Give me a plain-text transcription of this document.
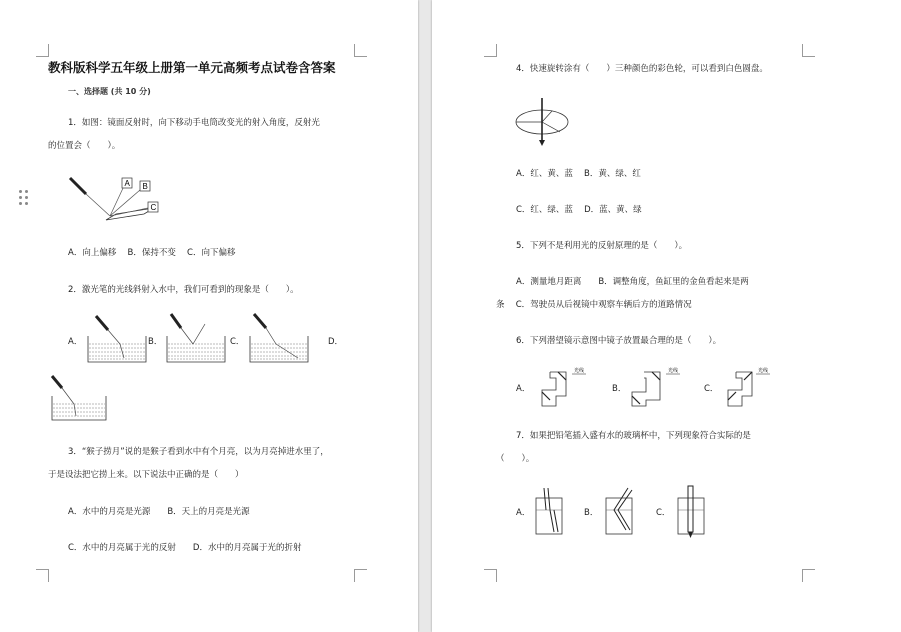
教科版科学五年级上册第一单元高频考点试卷含答案
一、选择题 (共 10 分)
1．如图：镜面反射时，向下移动手电筒改变光的射入角度，反射光
的位置会（　　）。
A B
C
A．向上偏移　 B．保持不变　 C．向下偏移
2．激光笔的光线斜射入水中，我们可看到的现象是（　　）。
A．	B．	C．	D．
3．“猴子捞月”说的是猴子看到水中有个月亮，以为月亮掉进水里了，
于是设法把它捞上来。以下说法中正确的是（　　）
A．水中的月亮是光源　　B．天上的月亮是光源
C．水中的月亮属于光的反射　　D．水中的月亮属于光的折射
4．快速旋转涂有（　　）三种颜色的彩色轮，可以看到白色圆盘。
A．红、黄、蓝　 B．黄、绿、红
C．红、绿、蓝　 D．蓝、黄、绿
5．下列不是利用光的反射原理的是（　　）。
A．测量地月距离　　B．调整角度，鱼缸里的金鱼看起来是两
条　 C．驾驶员从后视镜中观察车辆后方的道路情况
6．下列潜望镜示意图中镜子放置最合理的是（　　）。
A．	B．	C．
光线	光线	光线
7．如果把铅笔插入盛有水的玻璃杯中，下列现象符合实际的是
（　　）。
A．	B．	C．
